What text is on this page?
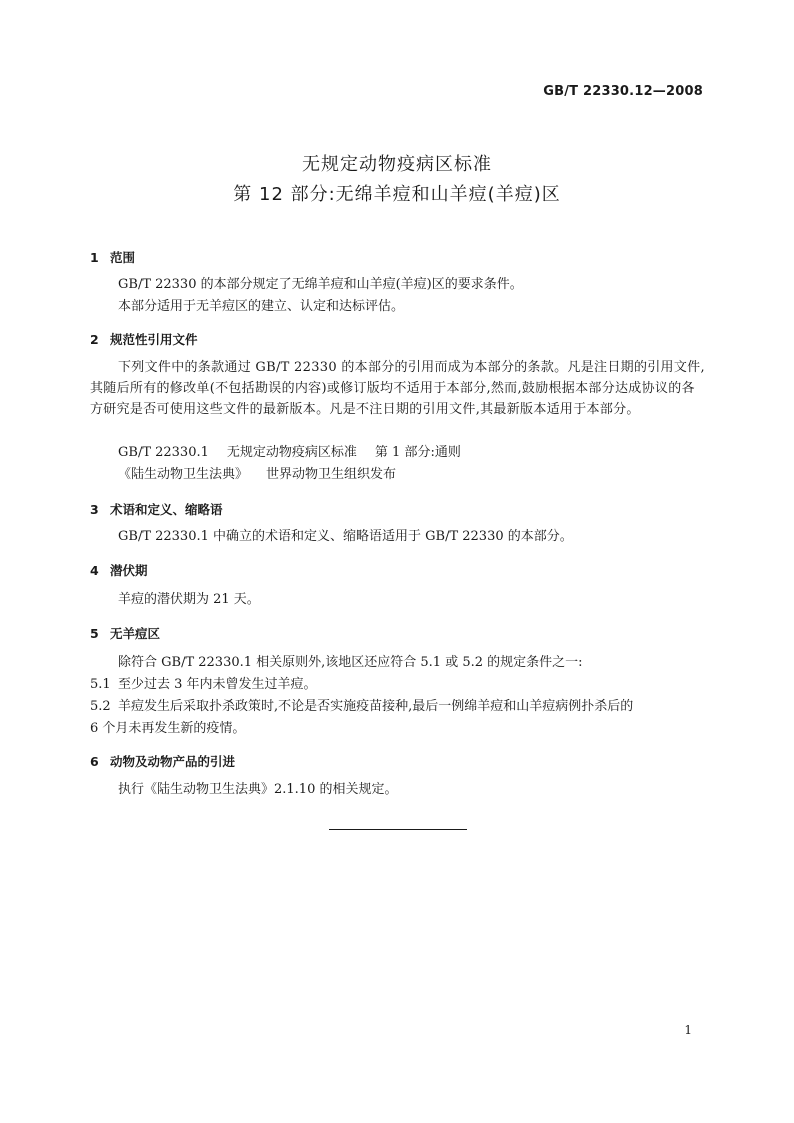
GB/T 22330.12—2008
无规定动物疫病区标准
第 12 部分:无绵羊痘和山羊痘(羊痘)区
1 范围
GB/T 22330 的本部分规定了无绵羊痘和山羊痘(羊痘)区的要求条件。
本部分适用于无羊痘区的建立、认定和达标评估。
2 规范性引用文件
下列文件中的条款通过 GB/T 22330 的本部分的引用而成为本部分的条款。凡是注日期的引用文件,其随后所有的修改单(不包括勘误的内容)或修订版均不适用于本部分,然而,鼓励根据本部分达成协议的各方研究是否可使用这些文件的最新版本。凡是不注日期的引用文件,其最新版本适用于本部分。
GB/T 22330.1 无规定动物疫病区标准 第 1 部分:通则
《陆生动物卫生法典》 世界动物卫生组织发布
3 术语和定义、缩略语
GB/T 22330.1 中确立的术语和定义、缩略语适用于 GB/T 22330 的本部分。
4 潜伏期
羊痘的潜伏期为 21 天。
5 无羊痘区
除符合 GB/T 22330.1 相关原则外,该地区还应符合 5.1 或 5.2 的规定条件之一:
5.1 至少过去 3 年内未曾发生过羊痘。
5.2 羊痘发生后采取扑杀政策时,不论是否实施疫苗接种,最后一例绵羊痘和山羊痘病例扑杀后的
6 个月未再发生新的疫情。
6 动物及动物产品的引进
执行《陆生动物卫生法典》2.1.10 的相关规定。
1
